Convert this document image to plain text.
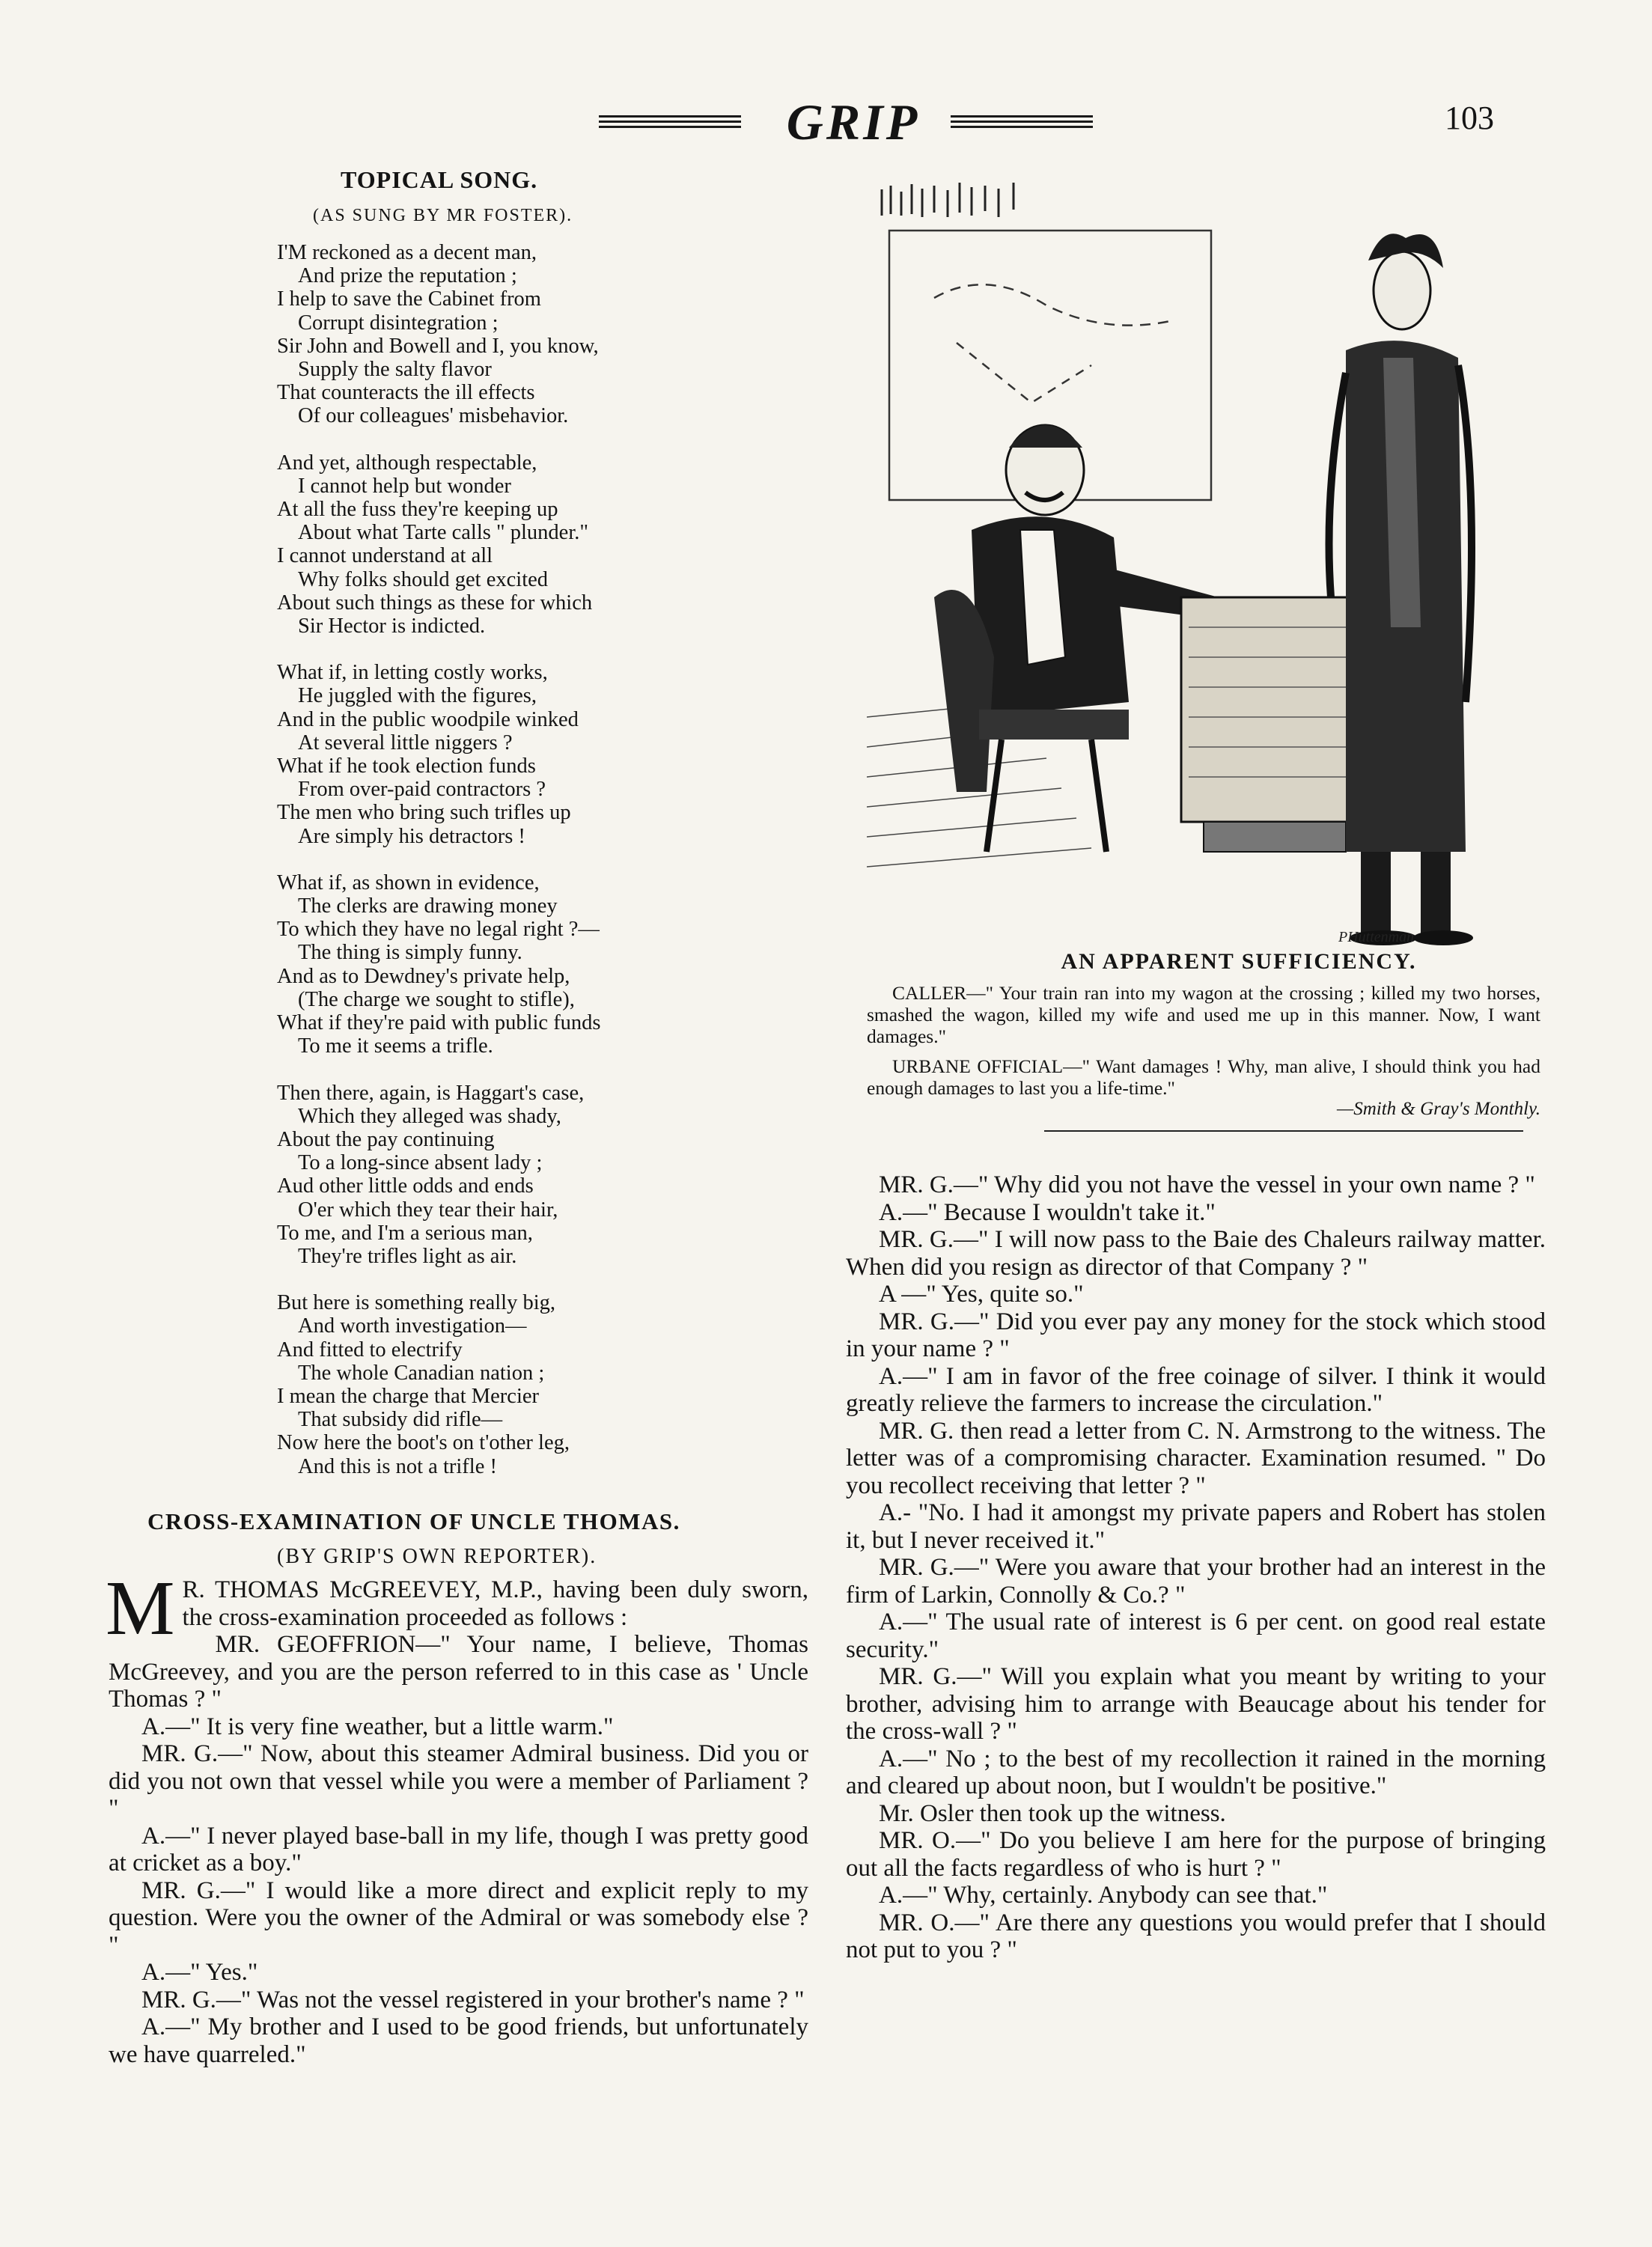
GRIP	103
TOPICAL SONG.
(AS SUNG BY MR FOSTER).
I'M reckoned as a decent man,
And prize the reputation ;
I help to save the Cabinet from
Corrupt disintegration ;
Sir John and Bowell and I, you know,
Supply the salty flavor
That counteracts the ill effects
Of our colleagues' misbehavior.
And yet, although respectable,
I cannot help but wonder
At all the fuss they're keeping up
About what Tarte calls " plunder."
I cannot understand at all
Why folks should get excited
About such things as these for which
Sir Hector is indicted.
What if, in letting costly works,
He juggled with the figures,
And in the public woodpile winked
At several little niggers ?
What if he took election funds
From over-paid contractors ?
The men who bring such trifles up
Are simply his detractors !
What if, as shown in evidence,
The clerks are drawing money
To which they have no legal right ?—
The thing is simply funny.
And as to Dewdney's private help,
(The charge we sought to stifle),
What if they're paid with public funds
To me it seems a trifle.
Then there, again, is Haggart's case,
Which they alleged was shady,
About the pay continuing
To a long-since absent lady ;
Aud other little odds and ends
O'er which they tear their hair,
To me, and I'm a serious man,
They're trifles light as air.
But here is something really big,
And worth investigation—
And fitted to electrify
The whole Canadian nation ;
I mean the charge that Mercier
That subsidy did rifle—
Now here the boot's on t'other leg,
And this is not a trifle !
PHuttenman
AN APPARENT SUFFICIENCY.
CALLER—" Your train ran into my wagon at the crossing ; killed my two horses, smashed the wagon, killed my wife and used me up in this manner. Now, I want damages."
URBANE OFFICIAL—" Want damages ! Why, man alive, I should think you had enough damages to last you a life-time."
—Smith & Gray's Monthly.
CROSS-EXAMINATION OF UNCLE THOMAS.
(BY GRIP'S OWN REPORTER).

M R. THOMAS McGREEVEY, M.P., having been duly sworn, the cross-examination proceeded as follows :

MR. GEOFFRION—" Your name, I believe, Thomas McGreevey, and you are the person referred to in this case as ' Uncle Thomas ? "

A.—" It is very fine weather, but a little warm."

MR. G.—" Now, about this steamer Admiral business. Did you or did you not own that vessel while you were a member of Parliament ? "

A.—" I never played base-ball in my life, though I was pretty good at cricket as a boy."

MR. G.—" I would like a more direct and explicit reply to my question. Were you the owner of the Admiral or was somebody else ? "

A.—" Yes."

MR. G.—" Was not the vessel registered in your brother's name ? "

A.—" My brother and I used to be good friends, but unfortunately we have quarreled."

MR. G.—" Why did you not have the vessel in your own name ? "

A.—" Because I wouldn't take it."

MR. G.—" I will now pass to the Baie des Chaleurs railway matter. When did you resign as director of that Company ? "

A —" Yes, quite so."

MR. G.—" Did you ever pay any money for the stock which stood in your name ? "

A.—" I am in favor of the free coinage of silver. I think it would greatly relieve the farmers to increase the circulation."

MR. G. then read a letter from C. N. Armstrong to the witness. The letter was of a compromising character. Examination resumed. " Do you recollect receiving that letter ? "

A.- "No. I had it amongst my private papers and Robert has stolen it, but I never received it."

MR. G.—" Were you aware that your brother had an interest in the firm of Larkin, Connolly & Co.? "

A.—" The usual rate of interest is 6 per cent. on good real estate security."

MR. G.—" Will you explain what you meant by writing to your brother, advising him to arrange with Beaucage about his tender for the cross-wall ? "

A.—" No ; to the best of my recollection it rained in the morning and cleared up about noon, but I wouldn't be positive."

Mr. Osler then took up the witness.

MR. O.—" Do you believe I am here for the purpose of bringing out all the facts regardless of who is hurt ? "

A.—" Why, certainly. Anybody can see that."

MR. O.—" Are there any questions you would prefer that I should not put to you ? "
